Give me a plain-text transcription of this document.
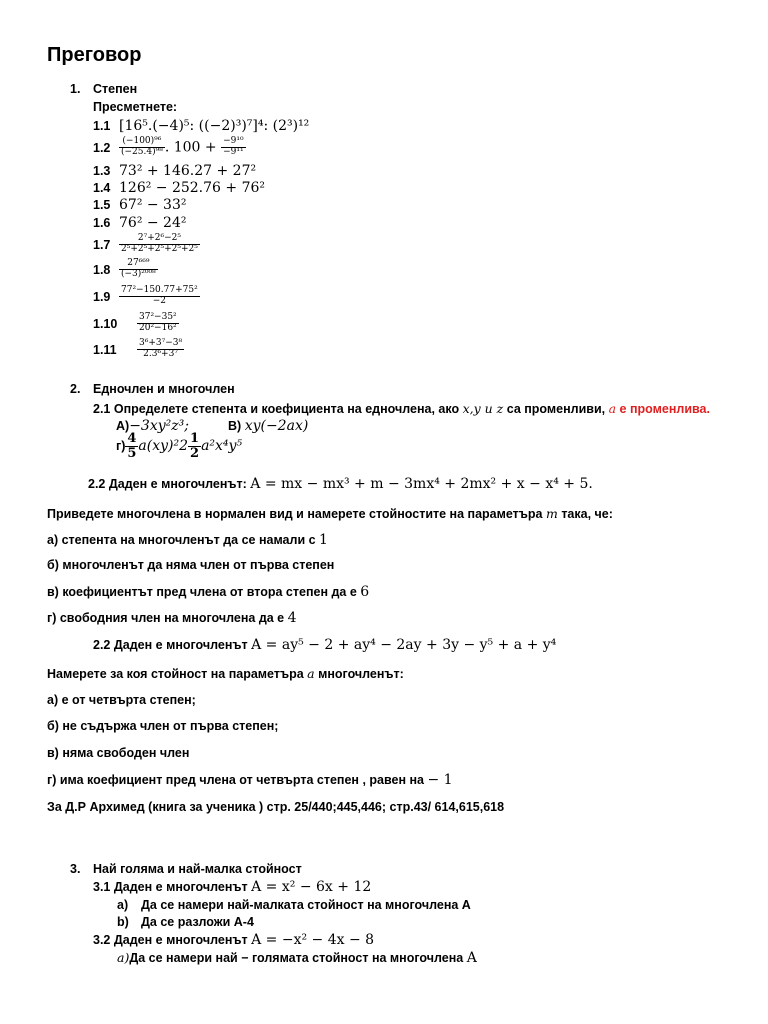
Преговор
1. Степен
Пресметнете:
1.1 [16⁵.(−4)⁵: ((−2)³)⁷]⁴: (2³)¹²
$1.2 \frac{\text{(−100)⁹⁶}}{\text{(−25.4)⁹⁸}}$ . $100 + \frac{\text{−9¹⁰}}{\text{−9¹¹}}$
1.3 73² + 146.27 + 27²
1.4 126² − 252.76 + 76²
1.5 67² − 33²
1.6 76² − 24²
$1.7 \frac{\text{2⁷+2⁶−2⁵}}{\text{2⁵+2⁵+2⁵+2⁵+2⁵}}$
$1.8 \frac{\text{27⁶⁶⁹}}{\text{(−3)²⁰⁰⁸}}$
$1.9 \frac{\text{77²−150.77+75²}}{-2}$
$1.10 \frac{\text{37²−35²}}{\text{20²−16²}}$
$1.11 \frac{\text{3⁶+3⁷−3⁸}}{\text{2.3⁶+3⁷}}$
2. Едночлен и многочлен
2.1 Определете степента и коефициента на едночлена, ако x,y и z са променливи, а е променлива.
А)−3xy²z³;	В) xy(−2ax)
$г) \frac{4}{5} a(xy)^22 \frac{1}{2} a^2x^4y^5$
2.2 Даден е многочленът: A = mx − mx³ + m − 3mx⁴ + 2mx² + x − x⁴ + 5.
Приведете многочлена в нормален вид и намерете стойностите на параметъра m така, че:
а) степента на многочленът да се намали с 1
б) многочленът да няма член от първа степен
в) коефициентът пред члена от втора степен да е 6
г) свободния член на многочлена да е 4
2.2 Даден е многочленът A = ay⁵ − 2 + ay⁴ − 2ay + 3y − y⁵ + a + y⁴
Намерете за коя стойност на параметъра a многочленът:
а) е от четвърта степен;
б) не съдържа член от първа степен;
в) няма свободен член
г) има коефициент пред члена от четвърта степен , равен на − 1
За Д.Р Архимед (книга за ученика ) стр. 25/440;445,446; стр.43/ 614,615,618
3. Най голяма и най-малка стойност
3.1 Даден е многочленът A = x² − 6x + 12
a) Да се намери най-малката стойност на многочлена А
b) Да се разложи А-4
3.2 Даден е многочленът A = −x² − 4x − 8
а)Да се намери най − голямата стойност на многочлена A
